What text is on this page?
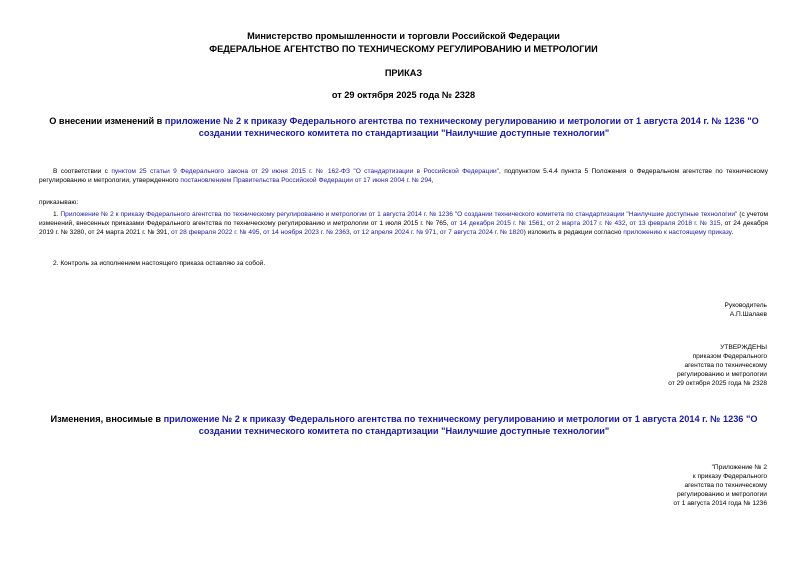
Министерство промышленности и торговли Российской Федерации
ФЕДЕРАЛЬНОЕ АГЕНТСТВО ПО ТЕХНИЧЕСКОМУ РЕГУЛИРОВАНИЮ И МЕТРОЛОГИИ
ПРИКАЗ
от 29 октября 2025 года № 2328
О внесении изменений в приложение № 2 к приказу Федерального агентства по техническому регулированию и метрологии от 1 августа 2014 г. № 1236 "О создании технического комитета по стандартизации "Наилучшие доступные технологии"
В соответствии с пунктом 25 статьи 9 Федерального закона от 29 июня 2015 г. № 162-ФЗ "О стандартизации в Российской Федерации", подпунктом 5.4.4 пункта 5 Положения о Федеральном агентстве по техническому регулированию и метрологии, утвержденного постановлением Правительства Российской Федерации от 17 июня 2004 г. № 294,
приказываю:
1. Приложение № 2 к приказу Федерального агентства по техническому регулированию и метрологии от 1 августа 2014 г. № 1236 "О создании технического комитета по стандартизации "Наилучшие доступные технологии" (с учетом изменений, внесенных приказами Федерального агентства по техническому регулированию и метрологии от 1 июля 2015 г. № 765, от 14 декабря 2015 г. № 1561, от 2 марта 2017 г. № 432, от 13 февраля 2018 г. № 315, от 24 декабря 2019 г. № 3280, от 24 марта 2021 г. № 391, от 28 февраля 2022 г. № 495, от 14 ноября 2023 г. № 2363, от 12 апреля 2024 г. № 971, от 7 августа 2024 г. № 1820) изложить в редакции согласно приложению к настоящему приказу.
2. Контроль за исполнением настоящего приказа оставляю за собой.
Руководитель
А.П.Шалаев
УТВЕРЖДЕНЫ
приказом Федерального
агентства по техническому
регулированию и метрологии
от 29 октября 2025 года № 2328
Изменения, вносимые в приложение № 2 к приказу Федерального агентства по техническому регулированию и метрологии от 1 августа 2014 г. № 1236 "О создании технического комитета по стандартизации "Наилучшие доступные технологии"
"Приложение № 2
к приказу Федерального
агентства по техническому
регулированию и метрологии
от 1 августа 2014 года № 1236
